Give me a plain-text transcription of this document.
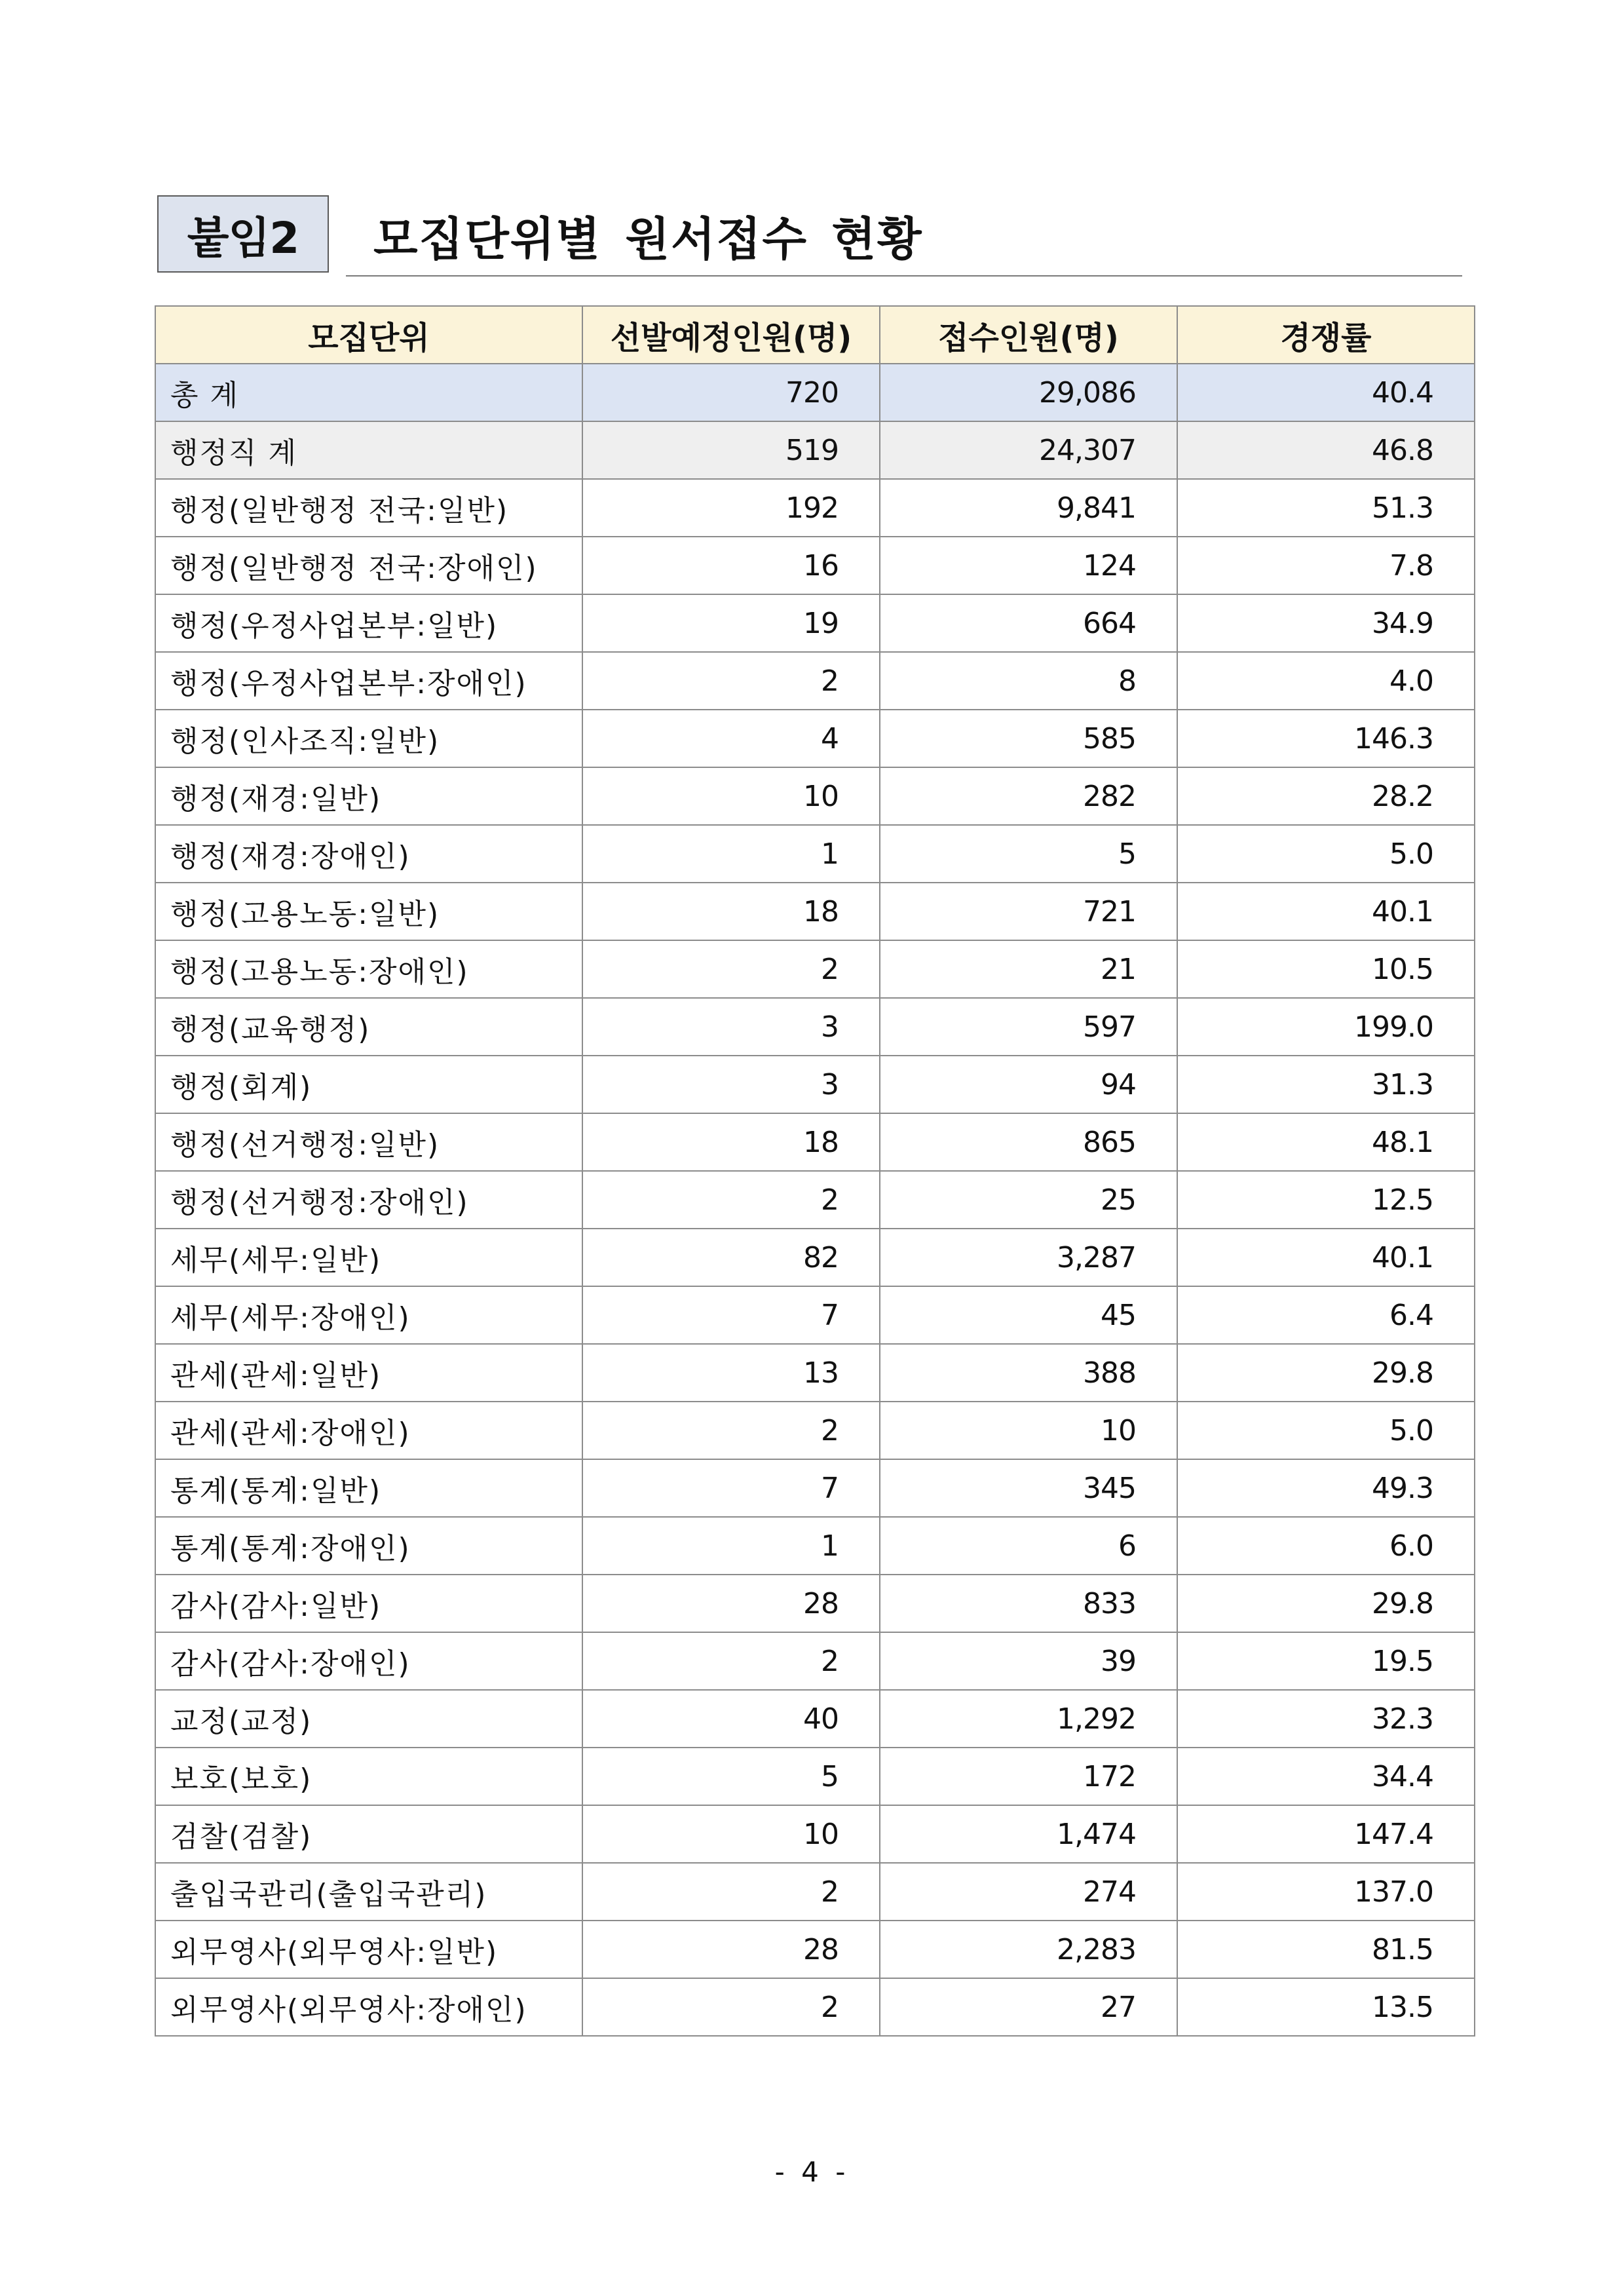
붙임2	모집단위별 원서접수 현황
모집단위	선발예정인원(명)	접수인원(명)	경쟁률
총 계	720	29,086	40.4
행정직 계	519	24,307	46.8
행정(일반행정 전국:일반)	192	9,841	51.3
행정(일반행정 전국:장애인)	16	124	7.8
행정(우정사업본부:일반)	19	664	34.9
행정(우정사업본부:장애인)	2	8	4.0
행정(인사조직:일반)	4	585	146.3
행정(재경:일반)	10	282	28.2
행정(재경:장애인)	1	5	5.0
행정(고용노동:일반)	18	721	40.1
행정(고용노동:장애인)	2	21	10.5
행정(교육행정)	3	597	199.0
행정(회계)	3	94	31.3
행정(선거행정:일반)	18	865	48.1
행정(선거행정:장애인)	2	25	12.5
세무(세무:일반)	82	3,287	40.1
세무(세무:장애인)	7	45	6.4
관세(관세:일반)	13	388	29.8
관세(관세:장애인)	2	10	5.0
통계(통계:일반)	7	345	49.3
통계(통계:장애인)	1	6	6.0
감사(감사:일반)	28	833	29.8
감사(감사:장애인)	2	39	19.5
교정(교정)	40	1,292	32.3
보호(보호)	5	172	34.4
검찰(검찰)	10	1,474	147.4
출입국관리(출입국관리)	2	274	137.0
외무영사(외무영사:일반)	28	2,283	81.5
외무영사(외무영사:장애인)	2	27	13.5
- 4 -
